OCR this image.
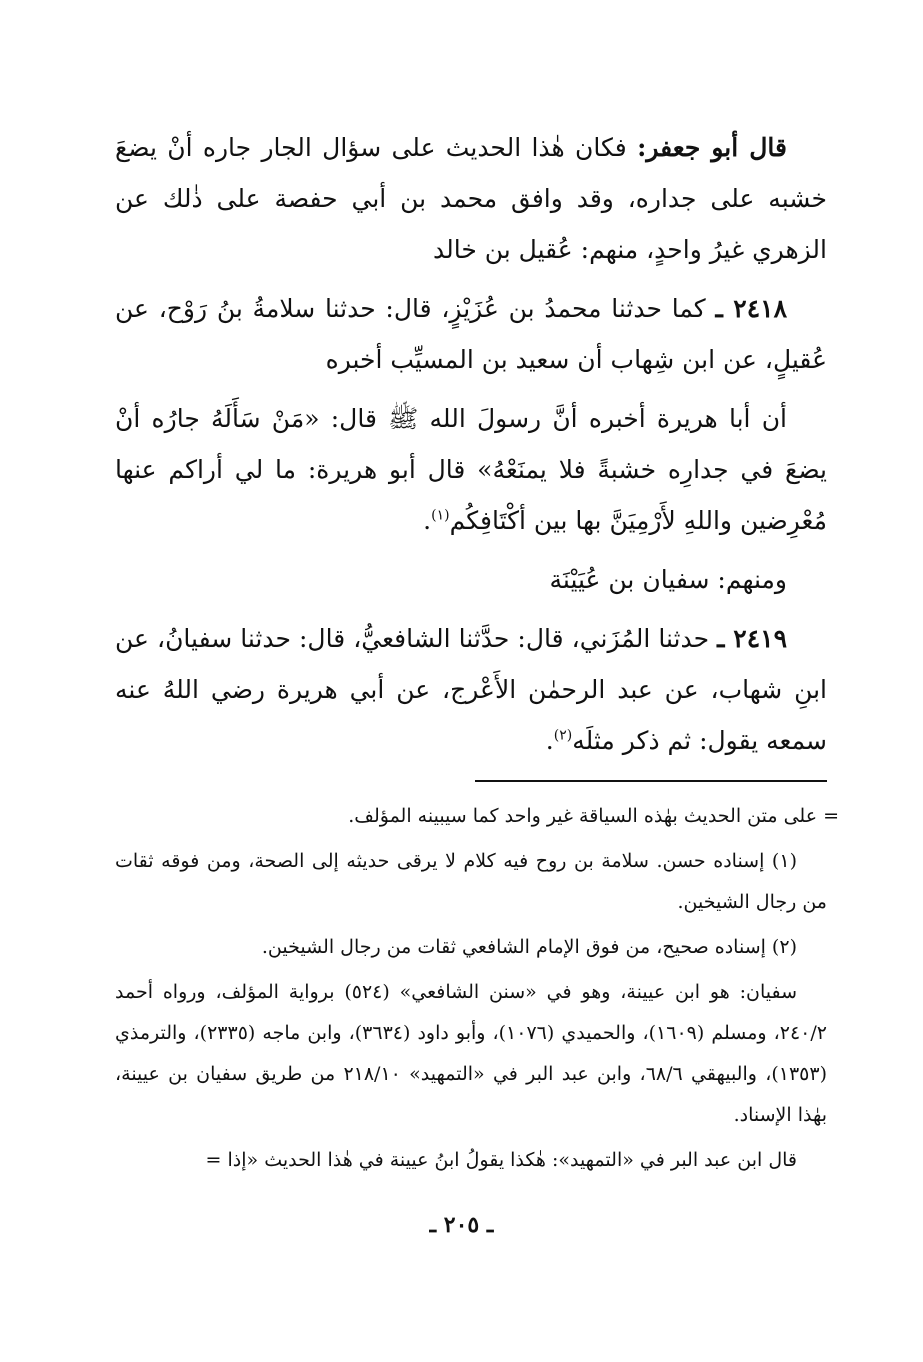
قال أبو جعفر: فكان هٰذا الحديث على سؤال الجار جاره أنْ يضعَ خشبه على جداره، وقد وافق محمد بن أبي حفصة على ذٰلك عن الزهري غيرُ واحدٍ، منهم: عُقيل بن خالد

٢٤١٨ ـ كما حدثنا محمدُ بن عُزَيْزٍ، قال: حدثنا سلامةُ بنُ رَوْح، عن عُقيلٍ، عن ابن شِهاب أن سعيد بن المسيِّب أخبره

أن أبا هريرة أخبره أنَّ رسولَ الله ﷺ قال: «مَنْ سَأَلَهُ جارُه أنْ يضعَ في جدارِه خشبةً فلا يمنَعْهُ» قال أبو هريرة: ما لي أراكم عنها مُعْرِضين واللهِ لأَرْمِيَنَّ بها بين أكْتَافِكُم$^{(١)}$.

ومنهم: سفيان بن عُيَيْنَة

٢٤١٩ ـ حدثنا المُزَني، قال: حدَّثنا الشافعيُّ، قال: حدثنا سفيانُ، عن ابنِ شهاب، عن عبد الرحمٰن الأَعْرج، عن أبي هريرة رضي اللهُ عنه سمعه يقول: ثم ذكر مثلَه$^{(٢)}$.

= على متن الحديث بهٰذه السياقة غير واحد كما سيبينه المؤلف.

(١) إسناده حسن. سلامة بن روح فيه كلام لا يرقى حديثه إلى الصحة، ومن فوقه ثقات من رجال الشيخين.

(٢) إسناده صحيح، من فوق الإمام الشافعي ثقات من رجال الشيخين.

سفيان: هو ابن عيينة، وهو في «سنن الشافعي» (٥٢٤) برواية المؤلف، ورواه أحمد ٢٤٠/٢، ومسلم (١٦٠٩)، والحميدي (١٠٧٦)، وأبو داود (٣٦٣٤)، وابن ماجه (٢٣٣٥)، والترمذي (١٣٥٣)، والبيهقي ٦٨/٦، وابن عبد البر في «التمهيد» ٢١٨/١٠ من طريق سفيان بن عيينة، بهٰذا الإسناد.

قال ابن عبد البر في «التمهيد»: هٰكذا يقولُ ابنُ عيينة في هٰذا الحديث «إذا =

ـ ٢٠٥ ـ
